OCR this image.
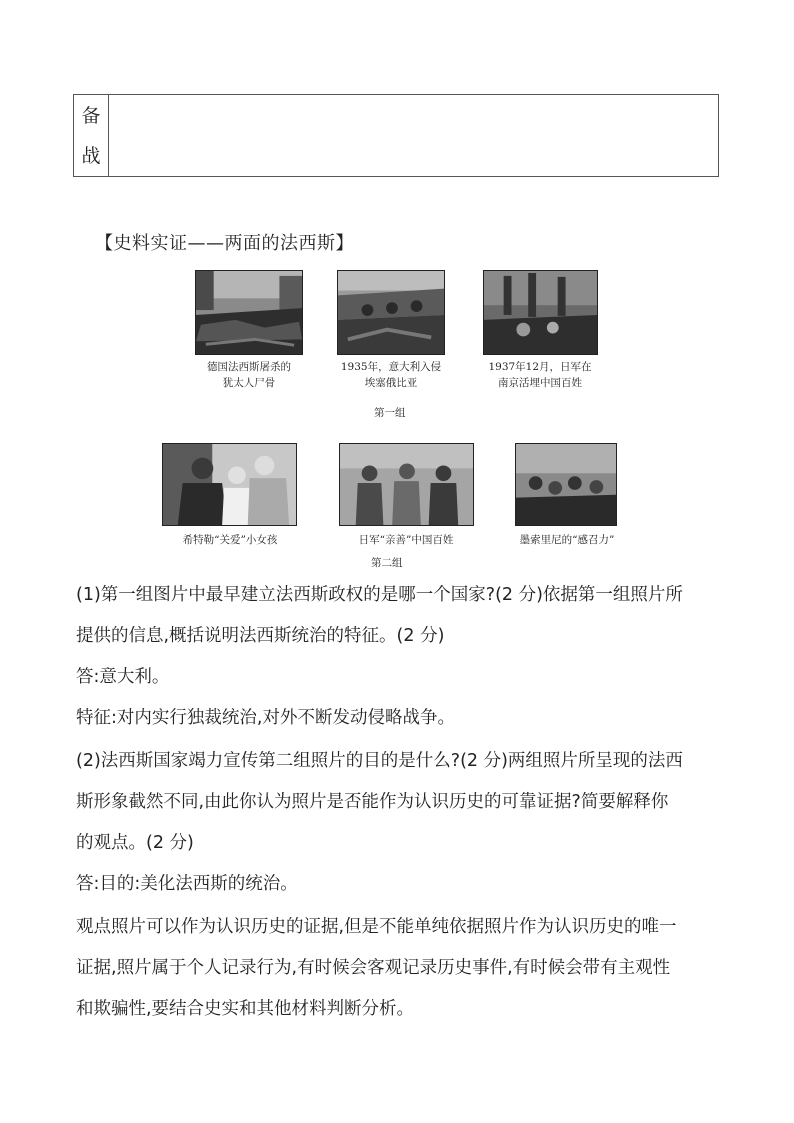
备
战
【史料实证——两面的法西斯】
德国法西斯屠杀的
犹太人尸骨
1935年，意大利入侵
埃塞俄比亚
1937年12月，日军在
南京活埋中国百姓
第一组
希特勒“关爱”小女孩	日军“亲善”中国百姓	墨索里尼的“感召力”
第二组
(1)第一组图片中最早建立法西斯政权的是哪一个国家?(2 分)依据第一组照片所
提供的信息,概括说明法西斯统治的特征。(2 分)
答:意大利。
特征:对内实行独裁统治,对外不断发动侵略战争。
(2)法西斯国家竭力宣传第二组照片的目的是什么?(2 分)两组照片所呈现的法西
斯形象截然不同,由此你认为照片是否能作为认识历史的可靠证据?简要解释你
的观点。(2 分)
答:目的:美化法西斯的统治。
观点照片可以作为认识历史的证据,但是不能单纯依据照片作为认识历史的唯一
证据,照片属于个人记录行为,有时候会客观记录历史事件,有时候会带有主观性
和欺骗性,要结合史实和其他材料判断分析。
